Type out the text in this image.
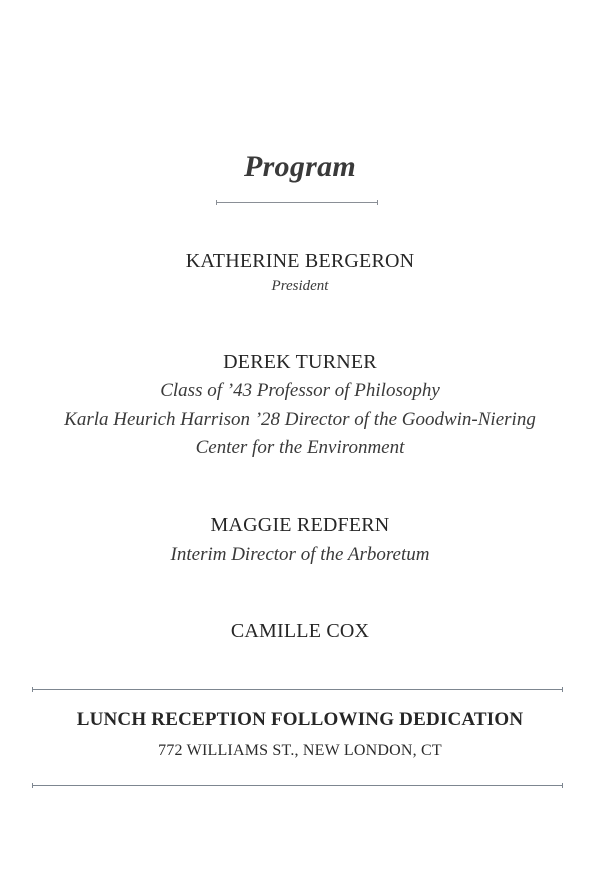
Program
KATHERINE BERGERON
President
DEREK TURNER
Class of ’43 Professor of Philosophy
Karla Heurich Harrison ’28 Director of the Goodwin-Niering
Center for the Environment
MAGGIE REDFERN
Interim Director of the Arboretum
CAMILLE COX
LUNCH RECEPTION FOLLOWING DEDICATION
772 WILLIAMS ST., NEW LONDON, CT
